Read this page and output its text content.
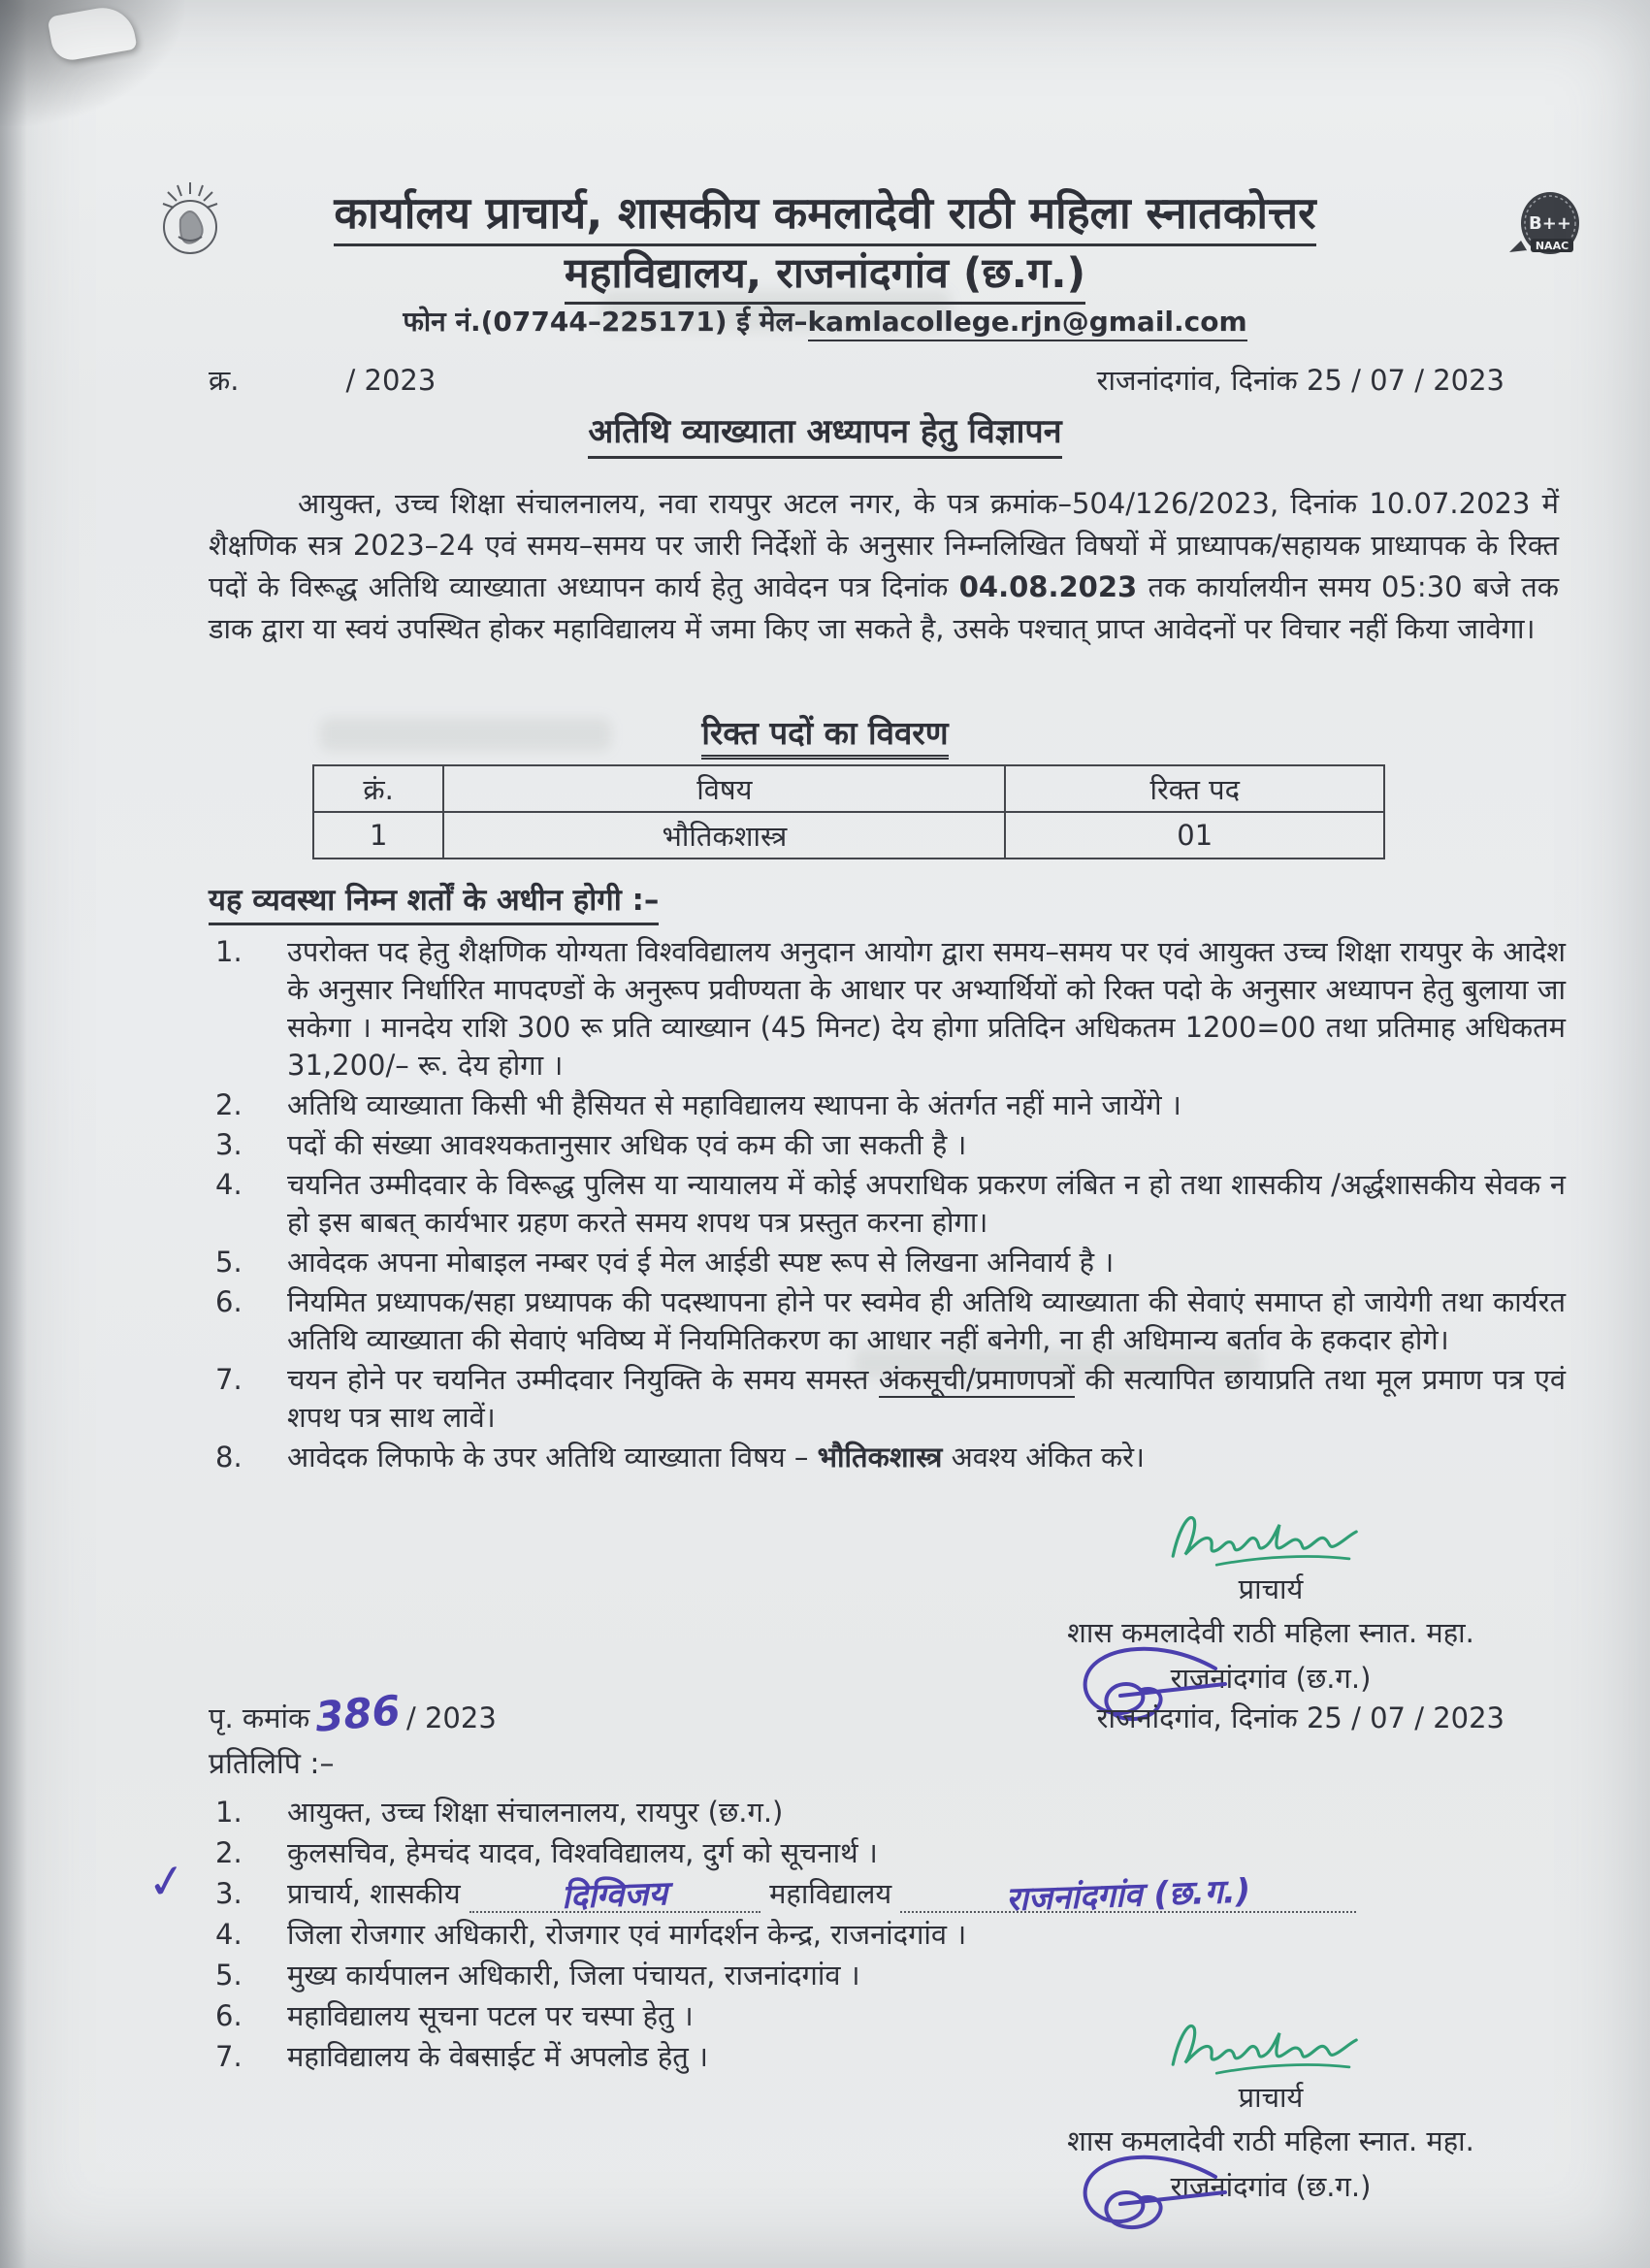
B++
NAAC
कार्यालय प्राचार्य, शासकीय कमलादेवी राठी महिला स्नातकोत्तर
महाविद्यालय, राजनांदगांव (छ.ग.)
फोन नं.(07744–225171) ई मेल–kamlacollege.rjn@gmail.com
क्र.	/ 2023	राजनांदगांव, दिनांक 25 / 07 / 2023
अतिथि व्याख्याता अध्यापन हेतु विज्ञापन
आयुक्त, उच्च शिक्षा संचालनालय, नवा रायपुर अटल नगर, के पत्र क्रमांक–504/126/2023, दिनांक 10.07.2023 में शैक्षणिक सत्र 2023–24 एवं समय–समय पर जारी निर्देशों के अनुसार निम्नलिखित विषयों में प्राध्यापक/सहायक प्राध्यापक के रिक्त पदों के विरूद्ध अतिथि व्याख्याता अध्यापन कार्य हेतु आवेदन पत्र दिनांक 04.08.2023 तक कार्यालयीन समय 05:30 बजे तक डाक द्वारा या स्वयं उपस्थित होकर महाविद्यालय में जमा किए जा सकते है, उसके पश्चात् प्राप्त आवेदनों पर विचार नहीं किया जावेगा।
रिक्त पदों का विवरण
क्रं.	विषय	रिक्त पद
1	भौतिकशास्त्र	01
यह व्यवस्था निम्न शर्तों के अधीन होगी :–
1.	उपरोक्त पद हेतु शैक्षणिक योग्यता विश्वविद्यालय अनुदान आयोग द्वारा समय–समय पर एवं आयुक्त उच्च शिक्षा रायपुर के आदेश के अनुसार निर्धारित मापदण्डों के अनुरूप प्रवीण्यता के आधार पर अभ्यार्थियों को रिक्त पदो के अनुसार अध्यापन हेतु बुलाया जा सकेगा । मानदेय राशि 300 रू प्रति व्याख्यान (45 मिनट) देय होगा प्रतिदिन अधिकतम 1200=00 तथा प्रतिमाह अधिकतम 31,200/– रू. देय होगा ।
2.	अतिथि व्याख्याता किसी भी हैसियत से महाविद्यालय स्थापना के अंतर्गत नहीं माने जायेंगे ।
3.	पदों की संख्या आवश्यकतानुसार अधिक एवं कम की जा सकती है ।
4.	चयनित उम्मीदवार के विरूद्ध पुलिस या न्यायालय में कोई अपराधिक प्रकरण लंबित न हो तथा शासकीय /अर्द्धशासकीय सेवक न हो इस बाबत् कार्यभार ग्रहण करते समय शपथ पत्र प्रस्तुत करना होगा।
5.	आवेदक अपना मोबाइल नम्बर एवं ई मेल आईडी स्पष्ट रूप से लिखना अनिवार्य है ।
6.	नियमित प्रध्यापक/सहा प्रध्यापक की पदस्थापना होने पर स्वमेव ही अतिथि व्याख्याता की सेवाएं समाप्त हो जायेगी तथा कार्यरत अतिथि व्याख्याता की सेवाएं भविष्य में नियमितिकरण का आधार नहीं बनेगी, ना ही अधिमान्य बर्ताव के हकदार होगे।
7.	चयन होने पर चयनित उम्मीदवार नियुक्ति के समय समस्त अंकसूची/प्रमाणपत्रों की सत्यापित छायाप्रति तथा मूल प्रमाण पत्र एवं शपथ पत्र साथ लावें।
8.	आवेदक लिफाफे के उपर अतिथि व्याख्याता विषय – भौतिकशास्त्र अवश्य अंकित करे।
प्राचार्य
शास कमलादेवी राठी महिला स्नात. महा.
राजनांदगांव (छ.ग.)
पृ. कमांक386 / 2023	राजनांदगांव, दिनांक 25 / 07 / 2023
प्रतिलिपि :–
1.	आयुक्त, उच्च शिक्षा संचालनालय, रायपुर (छ.ग.)
2.	कुलसचिव, हेमचंद यादव, विश्वविद्यालय, दुर्ग को सूचनार्थ ।
✓ 3.	प्राचार्य, शासकीय	दिग्विजय	महाविद्यालय	राजनांदगांव (छ.ग.)
4.	जिला रोजगार अधिकारी, रोजगार एवं मार्गदर्शन केन्द्र, राजनांदगांव ।
5.	मुख्य कार्यपालन अधिकारी, जिला पंचायत, राजनांदगांव ।
6.	महाविद्यालय सूचना पटल पर चस्पा हेतु ।
7.	महाविद्यालय के वेबसाईट में अपलोड हेतु ।
प्राचार्य
शास कमलादेवी राठी महिला स्नात. महा.
राजनांदगांव (छ.ग.)
